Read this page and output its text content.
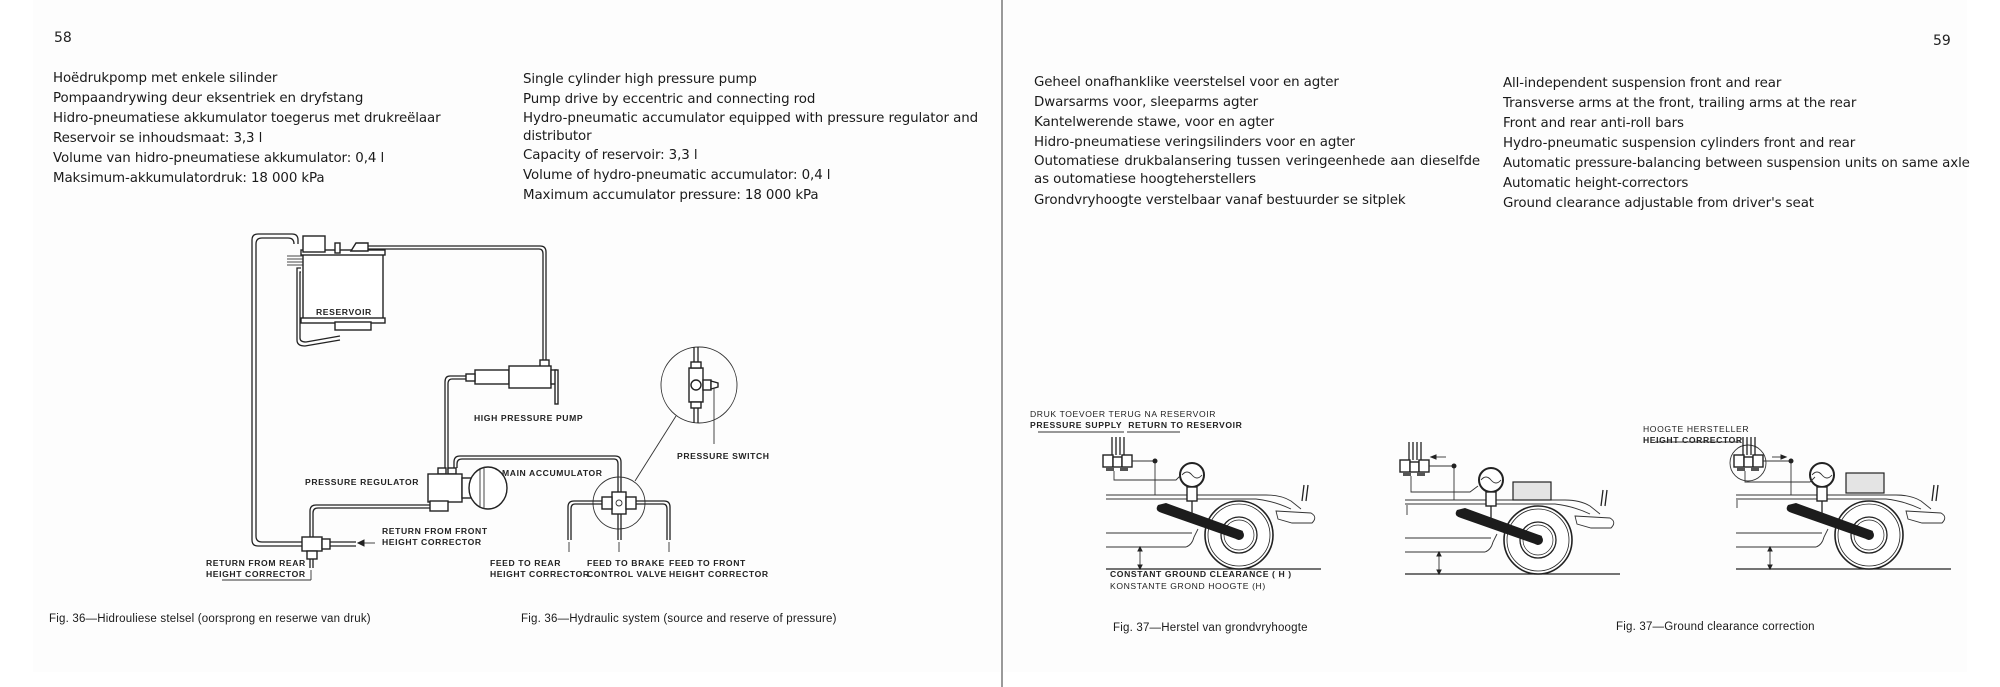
58
Hoëdrukpomp met enkele silinder
Pompaandrywing deur eksentriek en dryfstang
Hidro-pneumatiese akkumulator toegerus met drukreëlaar
Reservoir se inhoudsmaat: 3,3 l
Volume van hidro-pneumatiese akkumulator: 0,4 l
Maksimum-akkumulatordruk: 18 000 kPa
Single cylinder high pressure pump
Pump drive by eccentric and connecting rod
Hydro-pneumatic accumulator equipped with pressure regulator and distributor
Capacity of reservoir: 3,3 l
Volume of hydro-pneumatic accumulator: 0,4 l
Maximum accumulator pressure: 18 000 kPa
RESERVOIR
HIGH PRESSURE PUMP
PRESSURE SWITCH
PRESSURE REGULATOR
MAIN ACCUMULATOR
RETURN FROM FRONT
HEIGHT CORRECTOR
RETURN FROM REAR
HEIGHT CORRECTOR
FEED TO REAR
HEIGHT CORRECTOR
FEED TO BRAKE
CONTROL VALVE
FEED TO FRONT
HEIGHT CORRECTOR
Fig. 36—Hidrouliese stelsel (oorsprong en reserwe van druk)	Fig. 36—Hydraulic system (source and reserve of pressure)
59
Geheel onafhanklike veerstelsel voor en agter
Dwarsarms voor, sleeparms agter
Kantelwerende stawe, voor en agter
Hidro-pneumatiese veringsilinders voor en agter
Outomatiese drukbalansering tussen veringeenhede aan dieselfde as outomatiese hoogteherstellers
Grondvryhoogte verstelbaar vanaf bestuurder se sitplek
All-independent suspension front and rear
Transverse arms at the front, trailing arms at the rear
Front and rear anti-roll bars
Hydro-pneumatic suspension cylinders front and rear
Automatic pressure-balancing between suspension units on same axle
Automatic height-correctors
Ground clearance adjustable from driver's seat
DRUK TOEVOER TERUG NA RESERVOIR
PRESSURE SUPPLY RETURN TO RESERVOIR
CONSTANT GROUND CLEARANCE ( H )
KONSTANTE GROND HOOGTE (H)
HOOGTE HERSTELLER
HEIGHT CORRECTOR
Fig. 37—Herstel van grondvryhoogte	Fig. 37—Ground clearance correction
